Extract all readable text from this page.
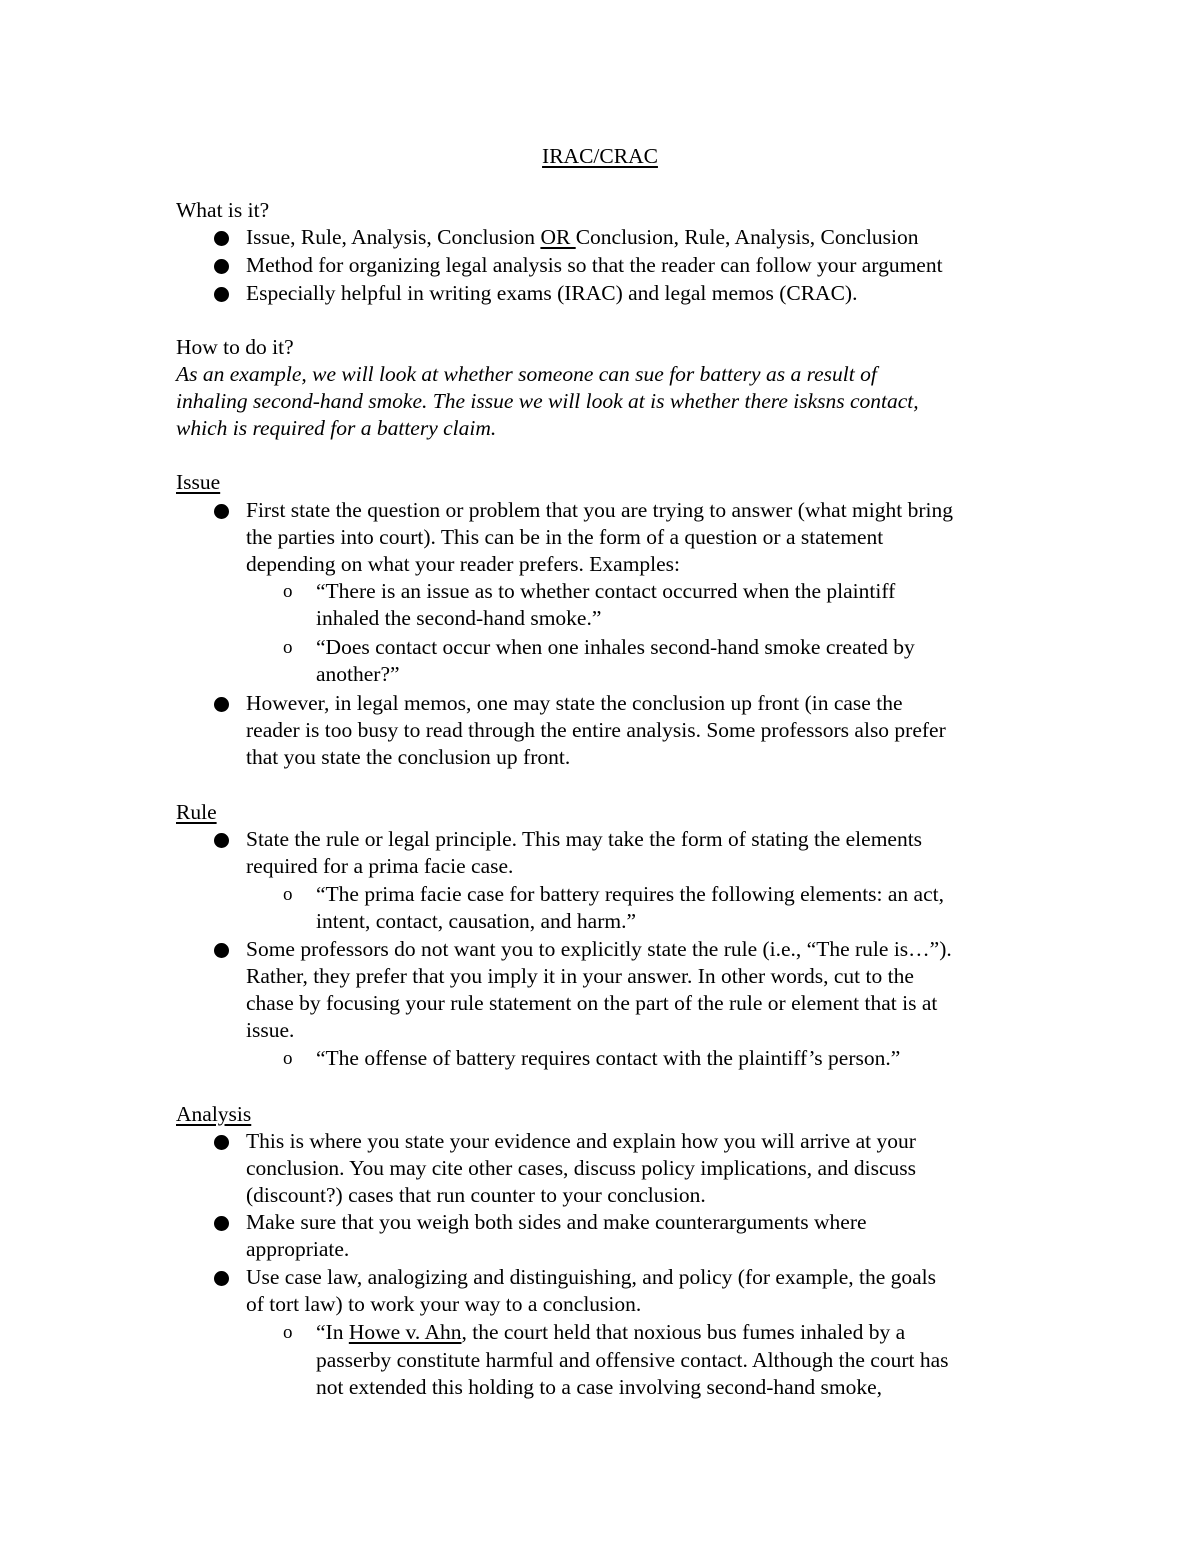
IRAC/CRAC
What is it?
Issue, Rule, Analysis, Conclusion OR Conclusion, Rule, Analysis, Conclusion
Method for organizing legal analysis so that the reader can follow your argument
Especially helpful in writing exams (IRAC) and legal memos (CRAC).
How to do it?
As an example, we will look at whether someone can sue for battery as a result of
inhaling second-hand smoke. The issue we will look at is whether there isksns contact,
which is required for a battery claim.
Issue
First state the question or problem that you are trying to answer (what might bring
the parties into court). This can be in the form of a question or a statement
depending on what your reader prefers. Examples:
o “There is an issue as to whether contact occurred when the plaintiff
inhaled the second-hand smoke.”
o “Does contact occur when one inhales second-hand smoke created by
another?”
However, in legal memos, one may state the conclusion up front (in case the
reader is too busy to read through the entire analysis. Some professors also prefer
that you state the conclusion up front.
Rule
State the rule or legal principle. This may take the form of stating the elements
required for a prima facie case.
o “The prima facie case for battery requires the following elements: an act,
intent, contact, causation, and harm.”
Some professors do not want you to explicitly state the rule (i.e., “The rule is…”).
Rather, they prefer that you imply it in your answer. In other words, cut to the
chase by focusing your rule statement on the part of the rule or element that is at
issue.
o “The offense of battery requires contact with the plaintiff’s person.”
Analysis
This is where you state your evidence and explain how you will arrive at your
conclusion. You may cite other cases, discuss policy implications, and discuss
(discount?) cases that run counter to your conclusion.
Make sure that you weigh both sides and make counterarguments where
appropriate.
Use case law, analogizing and distinguishing, and policy (for example, the goals
of tort law) to work your way to a conclusion.
o “In Howe v. Ahn, the court held that noxious bus fumes inhaled by a
passerby constitute harmful and offensive contact. Although the court has
not extended this holding to a case involving second-hand smoke,
